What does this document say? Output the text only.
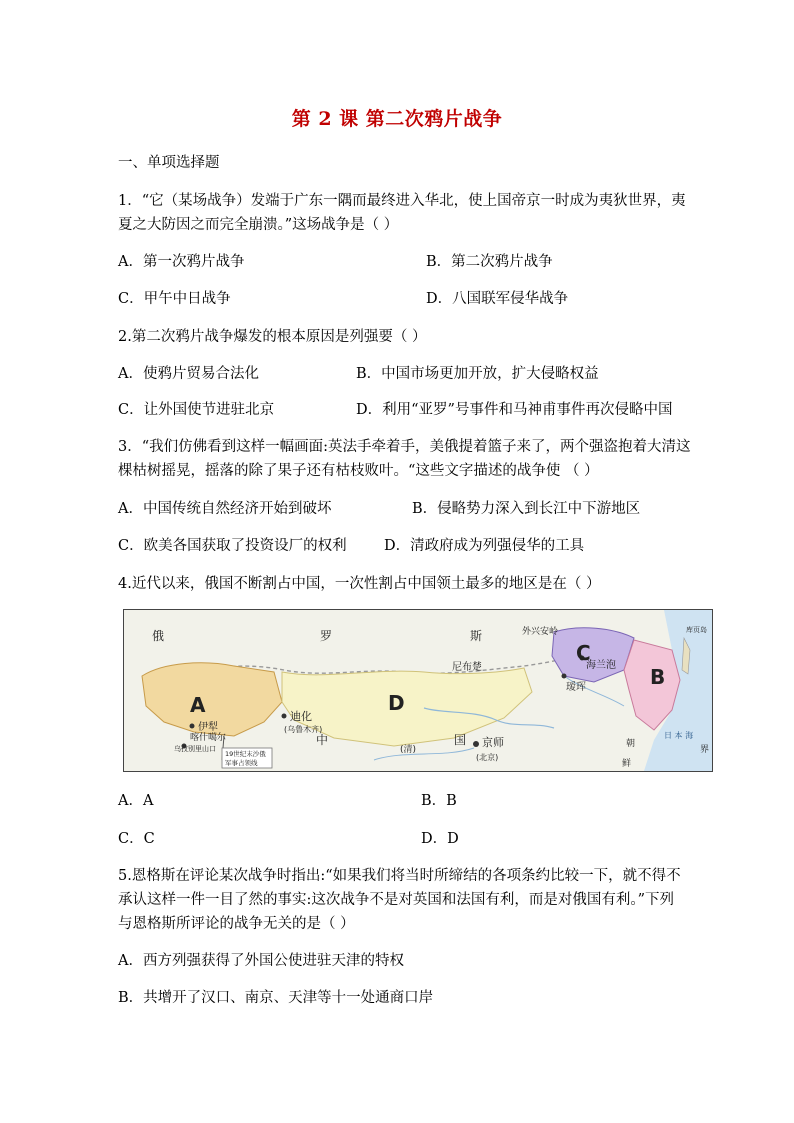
第 2 课 第二次鸦片战争
一、单项选择题
1．“它（某场战争）发端于广东一隅而最终进入华北，使上国帝京一时成为夷狄世界，夷
夏之大防因之而完全崩溃。”这场战争是（ ）
A．第一次鸦片战争	B．第二次鸦片战争
C．甲午中日战争	D．八国联军侵华战争
2.第二次鸦片战争爆发的根本原因是列强要（ ）
A．使鸦片贸易合法化	B．中国市场更加开放，扩大侵略权益
C．让外国使节进驻北京	D．利用“亚罗”号事件和马神甫事件再次侵略中国
3．“我们仿佛看到这样一幅画面:英法手牵着手，美俄提着篮子来了，两个强盗抱着大清这
棵枯树摇晃，摇落的除了果子还有枯枝败叶。“这些文字描述的战争使 （ ）
A．中国传统自然经济开始到破坏	B．侵略势力深入到长江中下游地区
C．欧美各国获取了投资设厂的权利	D．清政府成为列强侵华的工具
4.近代以来，俄国不断割占中国，一次性割占中国领土最多的地区是在（ ）
俄	罗	斯	外兴安岭
A	D
C
B
尼布楚	海兰泡
瑷珲
伊犁
迪化
(乌鲁木齐)
喀什噶尔
乌孜别里山口
19世纪末沙俄
军事占领线
中	国
(清)
京师
(北京)
日 本 海
朝
鲜
界
库页岛
A．A	B．B
C．C	D．D
5.恩格斯在评论某次战争时指出:“如果我们将当时所缔结的各项条约比较一下，就不得不
承认这样一件一目了然的事实:这次战争不是对英国和法国有利，而是对俄国有利。”下列
与恩格斯所评论的战争无关的是（ ）
A．西方列强获得了外国公使进驻天津的特权
B．共增开了汉口、南京、天津等十一处通商口岸
